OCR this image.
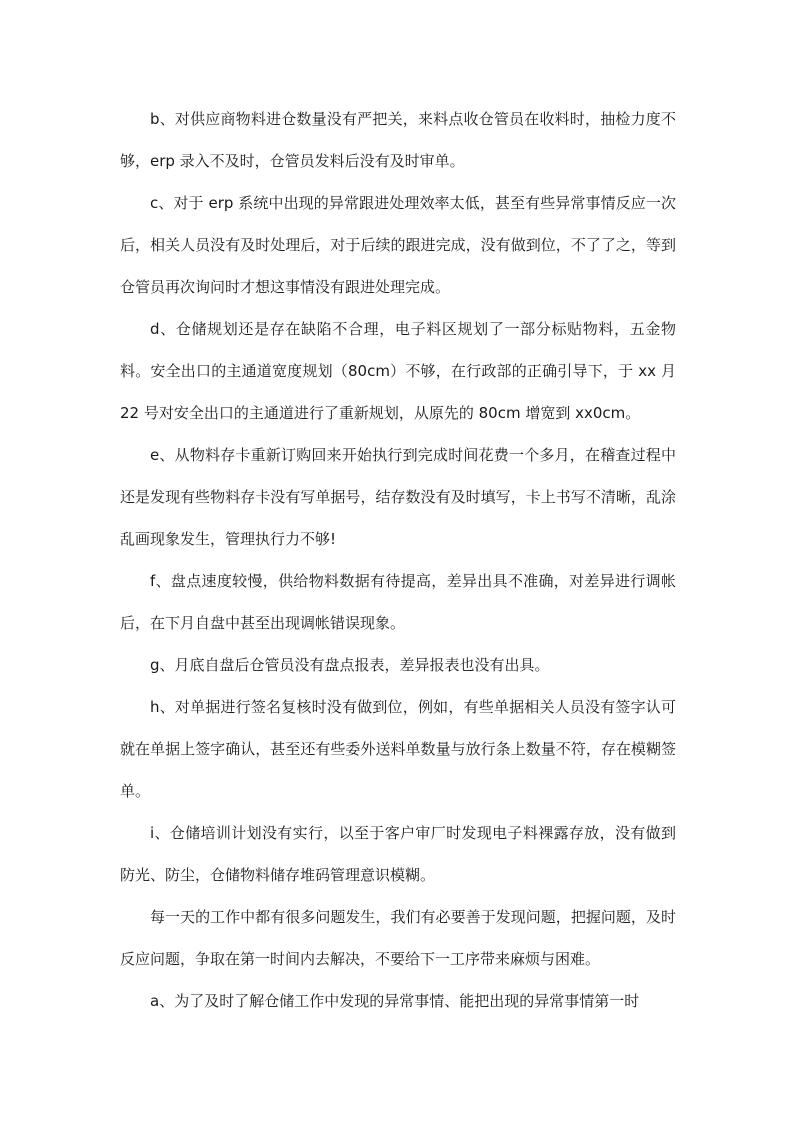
b、对供应商物料进仓数量没有严把关，来料点收仓管员在收料时，抽检力度不够，erp 录入不及时，仓管员发料后没有及时审单。

c、对于 erp 系统中出现的异常跟进处理效率太低，甚至有些异常事情反应一次后，相关人员没有及时处理后，对于后续的跟进完成，没有做到位，不了了之，等到仓管员再次询问时才想这事情没有跟进处理完成。

d、仓储规划还是存在缺陷不合理，电子料区规划了一部分标贴物料，五金物料。安全出口的主通道宽度规划（80cm）不够，在行政部的正确引导下，于 xx 月 22 号对安全出口的主通道进行了重新规划，从原先的 80cm 增宽到 xx0cm。

e、从物料存卡重新订购回来开始执行到完成时间花费一个多月，在稽查过程中还是发现有些物料存卡没有写单据号，结存数没有及时填写，卡上书写不清晰，乱涂乱画现象发生，管理执行力不够!

f、盘点速度较慢，供给物料数据有待提高，差异出具不准确，对差异进行调帐后，在下月自盘中甚至出现调帐错误现象。

g、月底自盘后仓管员没有盘点报表，差异报表也没有出具。

h、对单据进行签名复核时没有做到位，例如，有些单据相关人员没有签字认可就在单据上签字确认，甚至还有些委外送料单数量与放行条上数量不符，存在模糊签单。

i、仓储培训计划没有实行，以至于客户审厂时发现电子料裸露存放，没有做到防光、防尘，仓储物料储存堆码管理意识模糊。

每一天的工作中都有很多问题发生，我们有必要善于发现问题，把握问题，及时反应问题，争取在第一时间内去解决，不要给下一工序带来麻烦与困难。

a、为了及时了解仓储工作中发现的异常事情、能把出现的异常事情第一时
